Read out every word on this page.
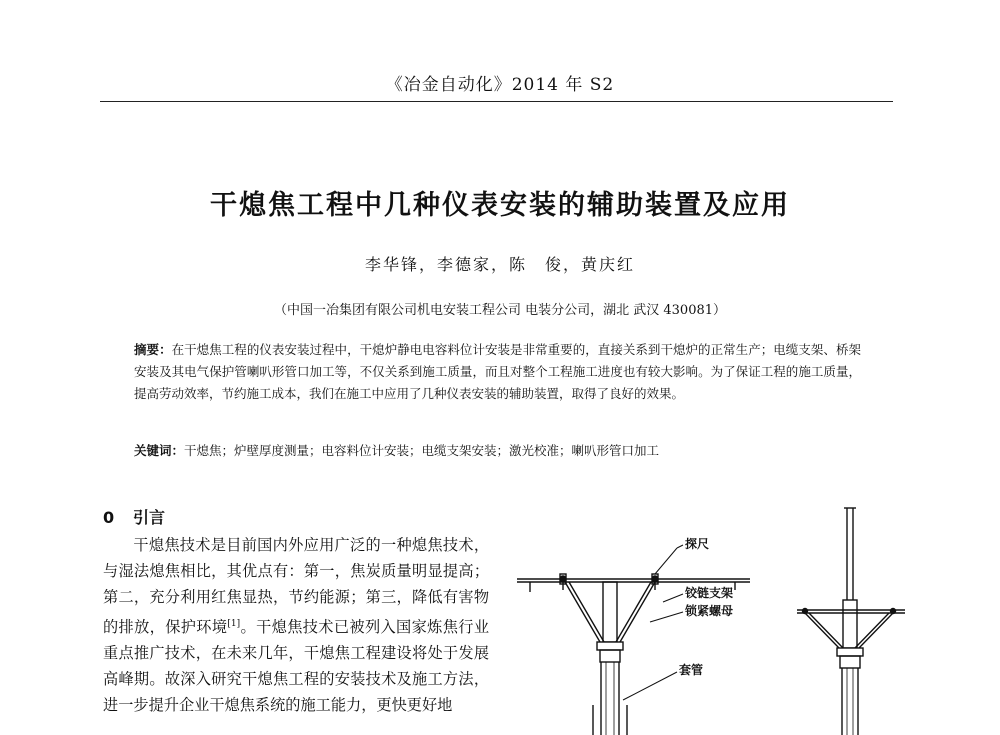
《冶金自动化》2014 年 S2
干熄焦工程中几种仪表安装的辅助装置及应用
李华锋，李德家，陈　俊，黄庆红
（中国一冶集团有限公司机电安装工程公司 电装分公司，湖北 武汉 430081）
摘要：在干熄焦工程的仪表安装过程中，干熄炉静电电容料位计安装是非常重要的，直接关系到干熄炉的正常生产；电缆支架、桥架安装及其电气保护管喇叭形管口加工等，不仅关系到施工质量，而且对整个工程施工进度也有较大影响。为了保证工程的施工质量，提高劳动效率，节约施工成本，我们在施工中应用了几种仪表安装的辅助装置，取得了良好的效果。
关键词：干熄焦；炉壁厚度测量；电容料位计安装；电缆支架安装；激光校准；喇叭形管口加工
0 引言
干熄焦技术是目前国内外应用广泛的一种熄焦技术，与湿法熄焦相比，其优点有：第一，焦炭质量明显提高；第二，充分利用红焦显热，节约能源；第三，降低有害物的排放，保护环境[1]。干熄焦技术已被列入国家炼焦行业重点推广技术，在未来几年，干熄焦工程建设将处于发展高峰期。故深入研究干熄焦工程的安装技术及施工方法，进一步提升企业干熄焦系统的施工能力，更快更好地
探尺
铰链支架
锁紧螺母
套管
